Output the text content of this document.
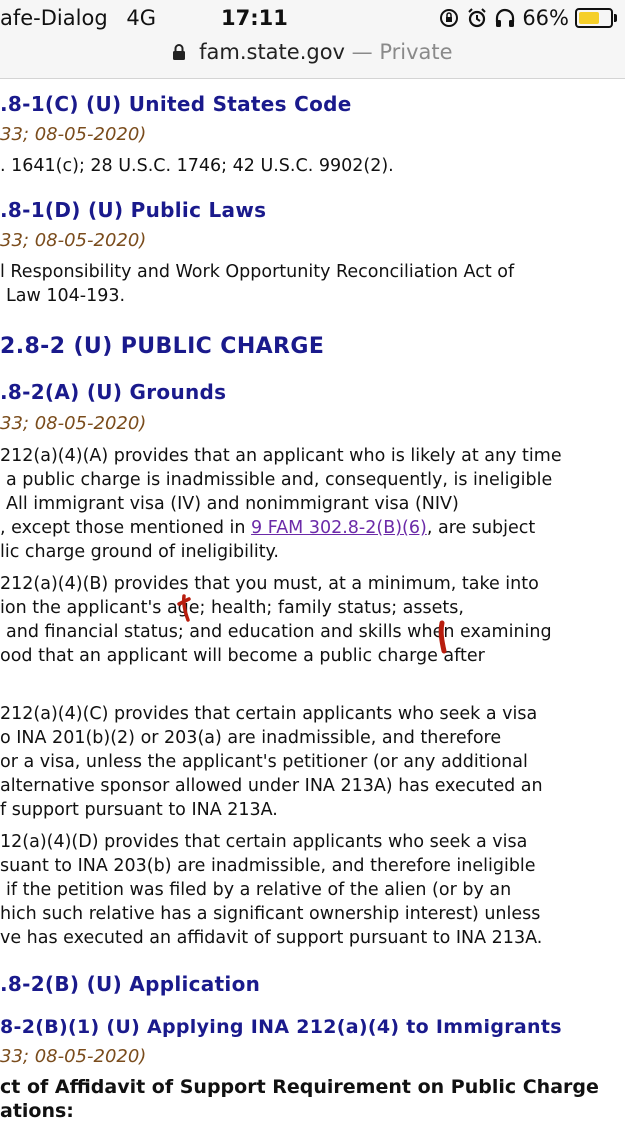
afe-Dialog 4G	17:11	66%
fam.state.gov — Private
.8-1(C) (U) United States Code
33; 08-05-2020)
. 1641(c); 28 U.S.C. 1746; 42 U.S.C. 9902(2).
.8-1(D) (U) Public Laws
33; 08-05-2020)
l Responsibility and Work Opportunity Reconciliation Act of
Law 104-193.
2.8-2 (U) PUBLIC CHARGE
.8-2(A) (U) Grounds
33; 08-05-2020)
212(a)(4)(A) provides that an applicant who is likely at any time
a public charge is inadmissible and, consequently, is ineligible
All immigrant visa (IV) and nonimmigrant visa (NIV)
, except those mentioned in 9 FAM 302.8-2(B)(6), are subject
lic charge ground of ineligibility.
212(a)(4)(B) provides that you must, at a minimum, take into
ion the applicant's age; health; family status; assets,
and financial status; and education and skills when examining
ood that an applicant will become a public charge after
212(a)(4)(C) provides that certain applicants who seek a visa
o INA 201(b)(2) or 203(a) are inadmissible, and therefore
or a visa, unless the applicant's petitioner (or any additional
alternative sponsor allowed under INA 213A) has executed an
f support pursuant to INA 213A.
12(a)(4)(D) provides that certain applicants who seek a visa
suant to INA 203(b) are inadmissible, and therefore ineligible
if the petition was filed by a relative of the alien (or by an
hich such relative has a significant ownership interest) unless
ve has executed an affidavit of support pursuant to INA 213A.
.8-2(B) (U) Application
8-2(B)(1) (U) Applying INA 212(a)(4) to Immigrants
33; 08-05-2020)
ct of Affidavit of Support Requirement on Public Charge
ations:
